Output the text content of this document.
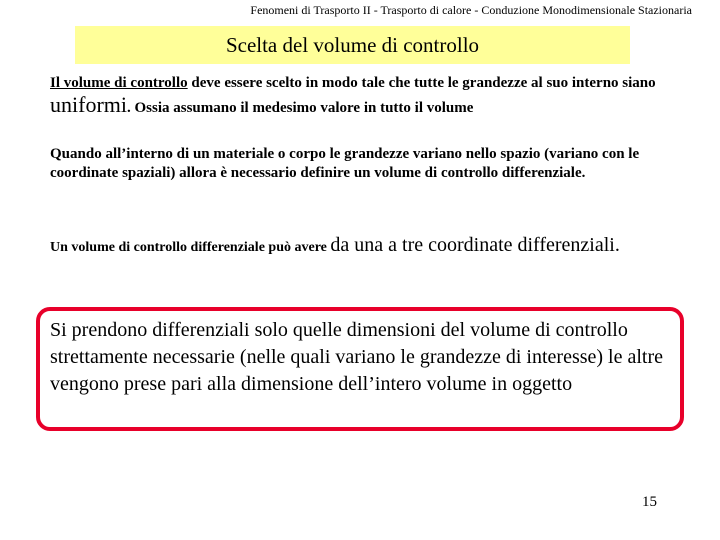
Fenomeni di Trasporto II - Trasporto di calore - Conduzione Monodimensionale Stazionaria
Scelta del volume di controllo
Il volume di controllo deve essere scelto in modo tale che tutte le grandezze al suo interno siano uniformi. Ossia assumano il medesimo valore in tutto il volume
Quando all’interno di un materiale o corpo le grandezze variano nello spazio (variano con le coordinate spaziali) allora è necessario definire un volume di controllo differenziale.
Un volume di controllo differenziale può avere da una a tre coordinate differenziali.
Si prendono differenziali solo quelle dimensioni del volume di controllo strettamente necessarie (nelle quali variano le grandezze di interesse) le altre vengono prese pari alla dimensione dell’intero volume in oggetto
15
